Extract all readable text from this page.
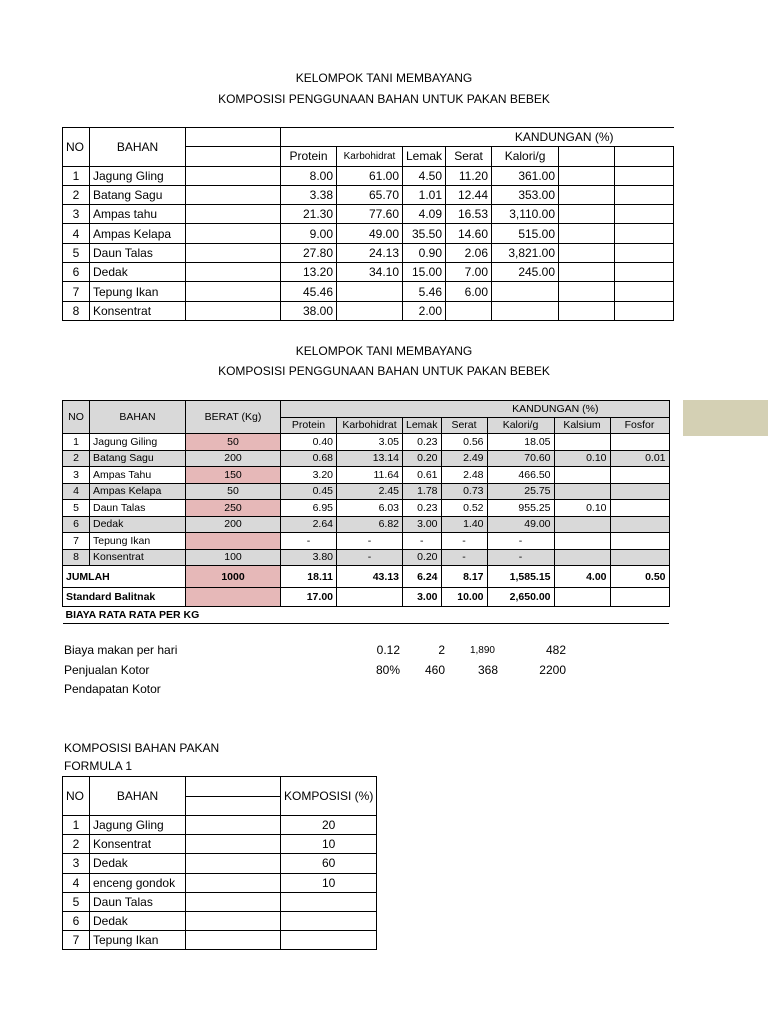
KELOMPOK TANI MEMBAYANG
KOMPOSISI PENGGUNAAN BAHAN UNTUK PAKAN BEBEK
NO	BAHAN		KANDUNGAN (%)						
			Protein	Karbohidrat	Lemak	Serat	Kalori/g		
1	Jagung Gling		8.00	61.00	4.50	11.20	361.00		
2	Batang Sagu		3.38	65.70	1.01	12.44	353.00		
3	Ampas tahu		21.30	77.60	4.09	16.53	3,110.00		
4	Ampas Kelapa		9.00	49.00	35.50	14.60	515.00		
5	Daun Talas		27.80	24.13	0.90	2.06	3,821.00		
6	Dedak		13.20	34.10	15.00	7.00	245.00		
7	Tepung Ikan		45.46		5.46	6.00			
8	Konsentrat		38.00		2.00				
KELOMPOK TANI MEMBAYANG
KOMPOSISI PENGGUNAAN BAHAN UNTUK PAKAN BEBEK
NO	BAHAN	BERAT (Kg)	KANDUNGAN (%)						
			Protein	Karbohidrat	Lemak	Serat	Kalori/g	Kalsium	Fosfor
1	Jagung Giling	50	0.40	3.05	0.23	0.56	18.05		
2	Batang Sagu	200	0.68	13.14	0.20	2.49	70.60	0.10	0.01
3	Ampas Tahu	150	3.20	11.64	0.61	2.48	466.50		
4	Ampas Kelapa	50	0.45	2.45	1.78	0.73	25.75		
5	Daun Talas	250	6.95	6.03	0.23	0.52	955.25	0.10	
6	Dedak	200	2.64	6.82	3.00	1.40	49.00		
7	Tepung Ikan		-	-	-	-	-		
8	Konsentrat	100	3.80	-	0.20	-	-		
JUMLAH		1000	18.11	43.13	6.24	8.17	1,585.15	4.00	0.50
Standard Balitnak			17.00		3.00	10.00	2,650.00		
BIAYA RATA RATA PER KG									
Biaya makan per hari	0.12	2	1,890	482
Penjualan Kotor	80%	460	368	2200
Pendapatan Kotor
KOMPOSISI BAHAN PAKAN
FORMULA 1
NO	BAHAN		KOMPOSISI (%)

1	Jagung Gling		20
2	Konsentrat		10
3	Dedak		60
4	enceng gondok		10
5	Daun Talas		
6	Dedak		
7	Tepung Ikan		
